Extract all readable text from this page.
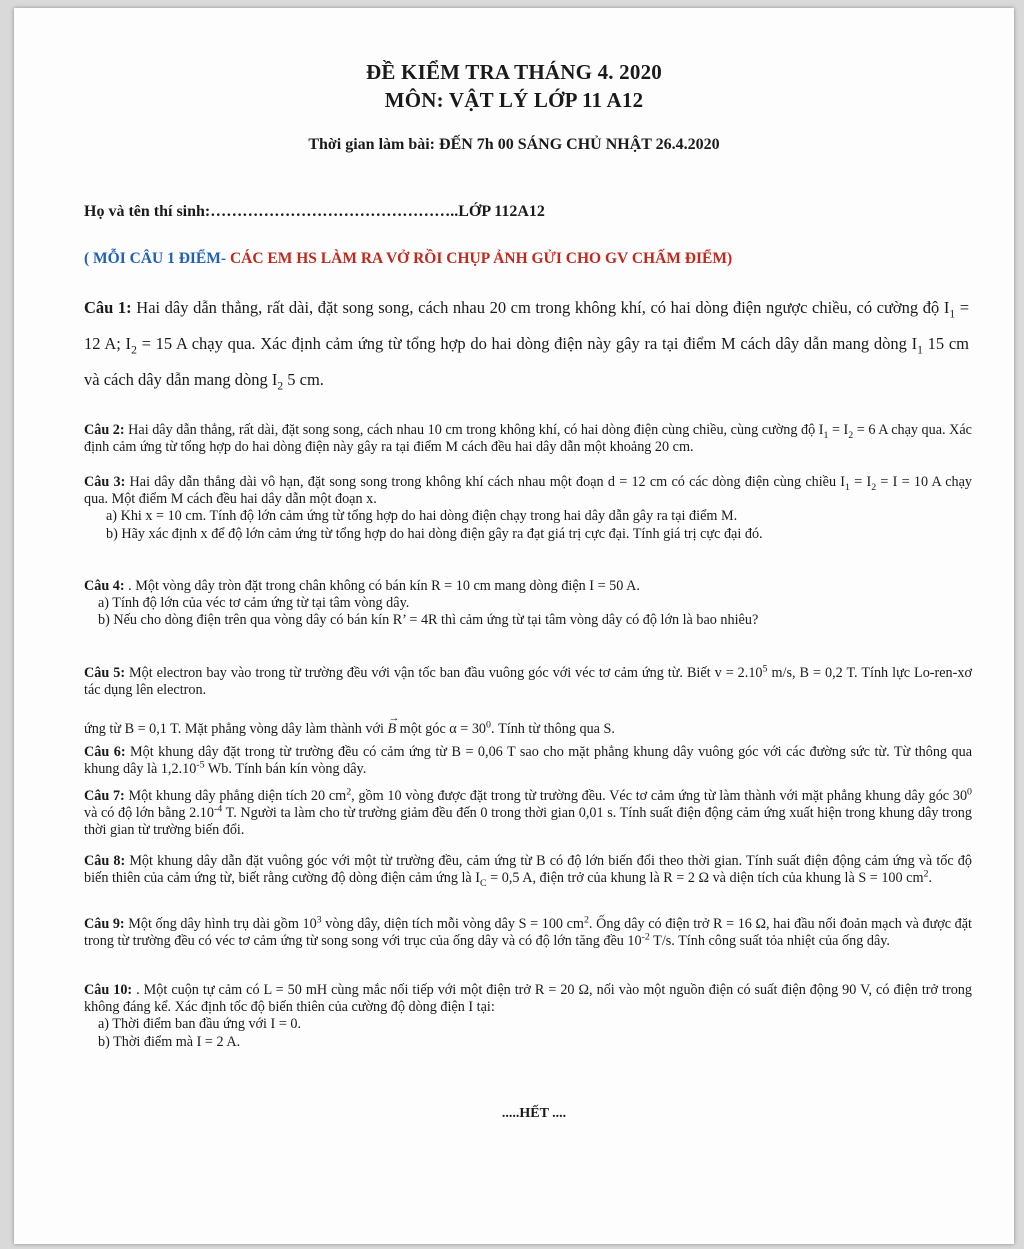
ĐỀ KIỂM TRA THÁNG 4. 2020
MÔN: VẬT LÝ LỚP 11 A12
Thời gian làm bài: ĐẾN 7h 00 SÁNG CHỦ NHẬT 26.4.2020
Họ và tên thí sinh:………………………………………..LỚP 112A12
( MỖI CÂU 1 ĐIỂM- CÁC EM HS LÀM RA VỞ RỒI CHỤP ẢNH GỬI CHO GV CHẤM ĐIỂM)
Câu 1: Hai dây dẫn thẳng, rất dài, đặt song song, cách nhau 20 cm trong không khí, có hai dòng điện ngược chiều, có cường độ $I_1 = 12$ A; $I_2 = 15$ A chạy qua. Xác định cảm ứng từ tổng hợp do hai dòng điện này gây ra tại điểm M cách dây dẫn mang dòng $I_1$ 15 cm và cách dây dẫn mang dòng $I_2$ 5 cm.
Câu 2: Hai dây dẫn thẳng, rất dài, đặt song song, cách nhau 10 cm trong không khí, có hai dòng điện cùng chiều, cùng cường độ $I_1 = I_2 = 6$ A chạy qua. Xác định cảm ứng từ tổng hợp do hai dòng điện này gây ra tại điểm M cách đều hai dây dẫn một khoảng 20 cm.
Câu 3: Hai dây dẫn thẳng dài vô hạn, đặt song song trong không khí cách nhau một đoạn d = 12 cm có các dòng điện cùng chiều $I_1 = I_2 = I = 10$ A chạy qua. Một điểm M cách đều hai dây dẫn một đoạn x.
a) Khi x = 10 cm. Tính độ lớn cảm ứng từ tổng hợp do hai dòng điện chạy trong hai dây dẫn gây ra tại điểm M.
b) Hãy xác định x để độ lớn cảm ứng từ tổng hợp do hai dòng điện gây ra đạt giá trị cực đại. Tính giá trị cực đại đó.
Câu 4: . Một vòng dây tròn đặt trong chân không có bán kín R = 10 cm mang dòng điện I = 50 A.
a) Tính độ lớn của véc tơ cảm ứng từ tại tâm vòng dây.
b) Nếu cho dòng điện trên qua vòng dây có bán kín R’ = 4R thì cảm ứng từ tại tâm vòng dây có độ lớn là bao nhiêu?
Câu 5: Một electron bay vào trong từ trường đều với vận tốc ban đầu vuông góc với véc tơ cảm ứng từ. Biết $v = 2.10^5$ m/s, B = 0,2 T. Tính lực Lo-ren-xơ tác dụng lên electron.
ứng từ B = 0,1 T. Mặt phẳng vòng dây làm thành với
→
B một góc $\alpha = 30^0$. Tính từ thông qua S.
Câu 6: Một khung dây đặt trong từ trường đều có cảm ứng từ B = 0,06 T sao cho mặt phẳng khung dây vuông góc với các đường sức từ. Từ thông qua khung dây là $1,2.10^{-5}$ Wb. Tính bán kín vòng dây.
Câu 7: Một khung dây phẳng diện tích 20 $cm^2$, gồm 10 vòng được đặt trong từ trường đều. Véc tơ cảm ứng từ làm thành với mặt phẳng khung dây góc $30^0$ và có độ lớn bằng $2.10^{-4}$ T. Người ta làm cho từ trường giảm đều đến 0 trong thời gian 0,01 s. Tính suất điện động cảm ứng xuất hiện trong khung dây trong thời gian từ trường biến đổi.
Câu 8: Một khung dây dẫn đặt vuông góc với một từ trường đều, cảm ứng từ B có độ lớn biến đổi theo thời gian. Tính suất điện động cảm ứng và tốc độ biến thiên của cảm ứng từ, biết rằng cường độ dòng điện cảm ứng là $I_C = 0,5$ A, điện trở của khung là R = 2 Ω và diện tích của khung là S = 100 $cm^2$.
Câu 9: Một ống dây hình trụ dài gồm $10^3$ vòng dây, diện tích mỗi vòng dây S = 100 $cm^2$. Ống dây có điện trở R = 16 Ω, hai đầu nối đoản mạch và được đặt trong từ trường đều có véc tơ cảm ứng từ song song với trục của ống dây và có độ lớn tăng đều $10^{-2}$ T/s. Tính công suất tỏa nhiệt của ống dây.
Câu 10: . Một cuộn tự cảm có L = 50 mH cùng mắc nối tiếp với một điện trở R = 20 Ω, nối vào một nguồn điện có suất điện động 90 V, có điện trở trong không đáng kể. Xác định tốc độ biến thiên của cường độ dòng điện I tại:
a) Thời điểm ban đầu ứng với I = 0.
b) Thời điểm mà I = 2 A.
.....HẾT ....
